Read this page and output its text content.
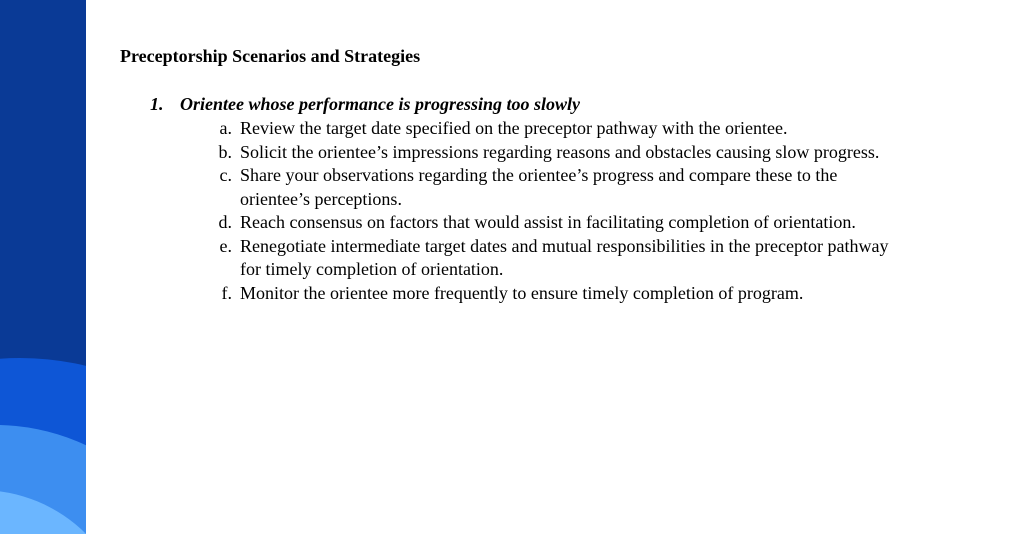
Preceptorship Scenarios and Strategies
1. Orientee whose performance is progressing too slowly
a. Review the target date specified on the preceptor pathway with the orientee.
b. Solicit the orientee’s impressions regarding reasons and obstacles causing slow progress.
c. Share your observations regarding the orientee’s progress and compare these to the orientee’s perceptions.
d. Reach consensus on factors that would assist in facilitating completion of orientation.
e. Renegotiate intermediate target dates and mutual responsibilities in the preceptor pathway for timely completion of orientation.
f. Monitor the orientee more frequently to ensure timely completion of program.
